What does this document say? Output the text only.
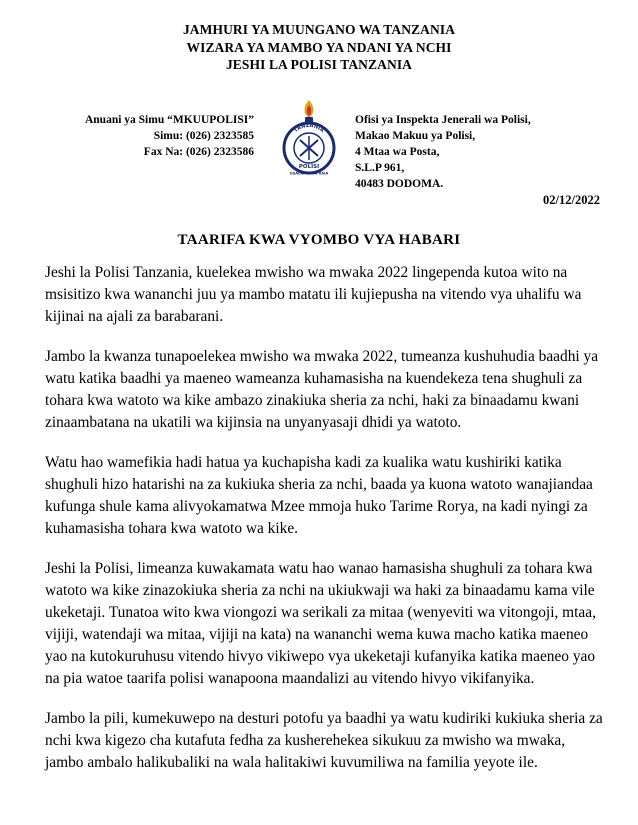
JAMHURI YA MUUNGANO WA TANZANIA
WIZARA YA MAMBO YA NDANI YA NCHI
JESHI LA POLISI TANZANIA
Anuani ya Simu “MKUUPOLISI”
Simu: (026) 2323585
Fax Na: (026) 2323586
TANZANIA
POLISI
USALAMA WA RAIA
Ofisi ya Inspekta Jenerali wa Polisi,
Makao Makuu ya Polisi,
4 Mtaa wa Posta,
S.L.P 961,
40483 DODOMA.
02/12/2022
TAARIFA KWA VYOMBO VYA HABARI

Jeshi la Polisi Tanzania, kuelekea mwisho wa mwaka 2022 lingependa kutoa wito na msisitizo kwa wananchi juu ya mambo matatu ili kujiepusha na vitendo vya uhalifu wa kijinai na ajali za barabarani.

Jambo la kwanza tunapoelekea mwisho wa mwaka 2022, tumeanza kushuhudia baadhi ya watu katika baadhi ya maeneo wameanza kuhamasisha na kuendekeza tena shughuli za tohara kwa watoto wa kike ambazo zinakiuka sheria za nchi, haki za binaadamu kwani zinaambatana na ukatili wa kijinsia na unyanyasaji dhidi ya watoto.

Watu hao wamefikia hadi hatua ya kuchapisha kadi za kualika watu kushiriki katika shughuli hizo hatarishi na za kukiuka sheria za nchi, baada ya kuona watoto wanajiandaa kufunga shule kama alivyokamatwa Mzee mmoja huko Tarime Rorya, na kadi nyingi za kuhamasisha tohara kwa watoto wa kike.

Jeshi la Polisi, limeanza kuwakamata watu hao wanao hamasisha shughuli za tohara kwa watoto wa kike zinazokiuka sheria za nchi na ukiukwaji wa haki za binaadamu kama vile ukeketaji. Tunatoa wito kwa viongozi wa serikali za mitaa (wenyeviti wa vitongoji, mtaa, vijiji, watendaji wa mitaa, vijiji na kata) na wananchi wema kuwa macho katika maeneo yao na kutokuruhusu vitendo hivyo vikiwepo vya ukeketaji kufanyika katika maeneo yao na pia watoe taarifa polisi wanapoona maandalizi au vitendo hivyo vikifanyika.

Jambo la pili, kumekuwepo na desturi potofu ya baadhi ya watu kudiriki kukiuka sheria za nchi kwa kigezo cha kutafuta fedha za kusherehekea sikukuu za mwisho wa mwaka, jambo ambalo halikubaliki na wala halitakiwi kuvumiliwa na familia yeyote ile.
